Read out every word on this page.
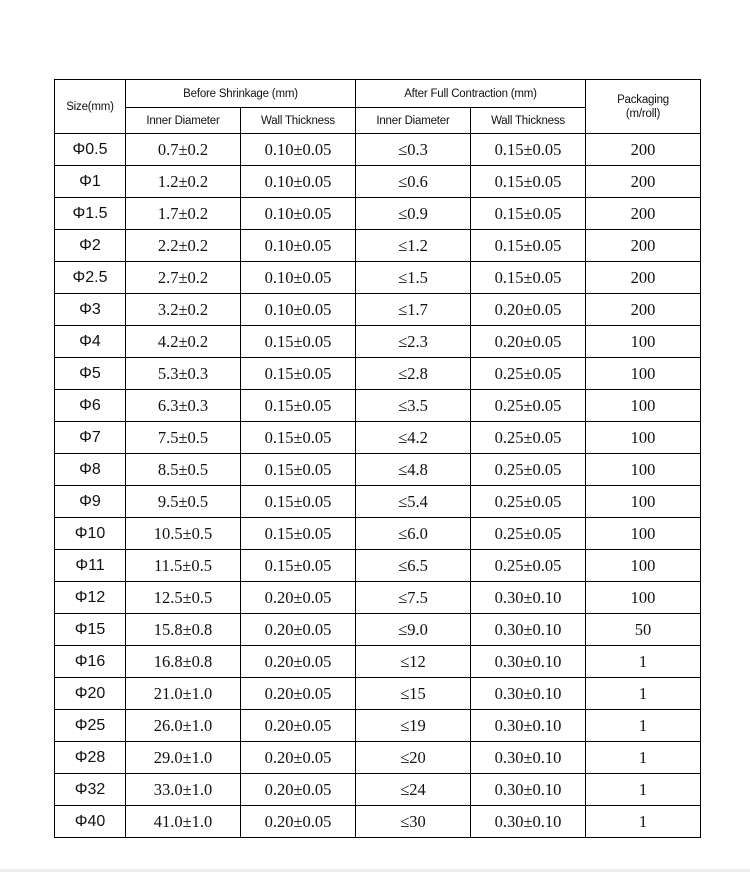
Size(mm)	Before Shrinkage (mm)		After Full Contraction (mm)		Packaging
(m/roll)
	Inner Diameter	Wall Thickness	Inner Diameter	Wall Thickness	
Φ0.5	0.7±0.2	0.10±0.05	≤0.3	0.15±0.05	200
Φ1	1.2±0.2	0.10±0.05	≤0.6	0.15±0.05	200
Φ1.5	1.7±0.2	0.10±0.05	≤0.9	0.15±0.05	200
Φ2	2.2±0.2	0.10±0.05	≤1.2	0.15±0.05	200
Φ2.5	2.7±0.2	0.10±0.05	≤1.5	0.15±0.05	200
Φ3	3.2±0.2	0.10±0.05	≤1.7	0.20±0.05	200
Φ4	4.2±0.2	0.15±0.05	≤2.3	0.20±0.05	100
Φ5	5.3±0.3	0.15±0.05	≤2.8	0.25±0.05	100
Φ6	6.3±0.3	0.15±0.05	≤3.5	0.25±0.05	100
Φ7	7.5±0.5	0.15±0.05	≤4.2	0.25±0.05	100
Φ8	8.5±0.5	0.15±0.05	≤4.8	0.25±0.05	100
Φ9	9.5±0.5	0.15±0.05	≤5.4	0.25±0.05	100
Φ10	10.5±0.5	0.15±0.05	≤6.0	0.25±0.05	100
Φ11	11.5±0.5	0.15±0.05	≤6.5	0.25±0.05	100
Φ12	12.5±0.5	0.20±0.05	≤7.5	0.30±0.10	100
Φ15	15.8±0.8	0.20±0.05	≤9.0	0.30±0.10	50
Φ16	16.8±0.8	0.20±0.05	≤12	0.30±0.10	1
Φ20	21.0±1.0	0.20±0.05	≤15	0.30±0.10	1
Φ25	26.0±1.0	0.20±0.05	≤19	0.30±0.10	1
Φ28	29.0±1.0	0.20±0.05	≤20	0.30±0.10	1
Φ32	33.0±1.0	0.20±0.05	≤24	0.30±0.10	1
Φ40	41.0±1.0	0.20±0.05	≤30	0.30±0.10	1
